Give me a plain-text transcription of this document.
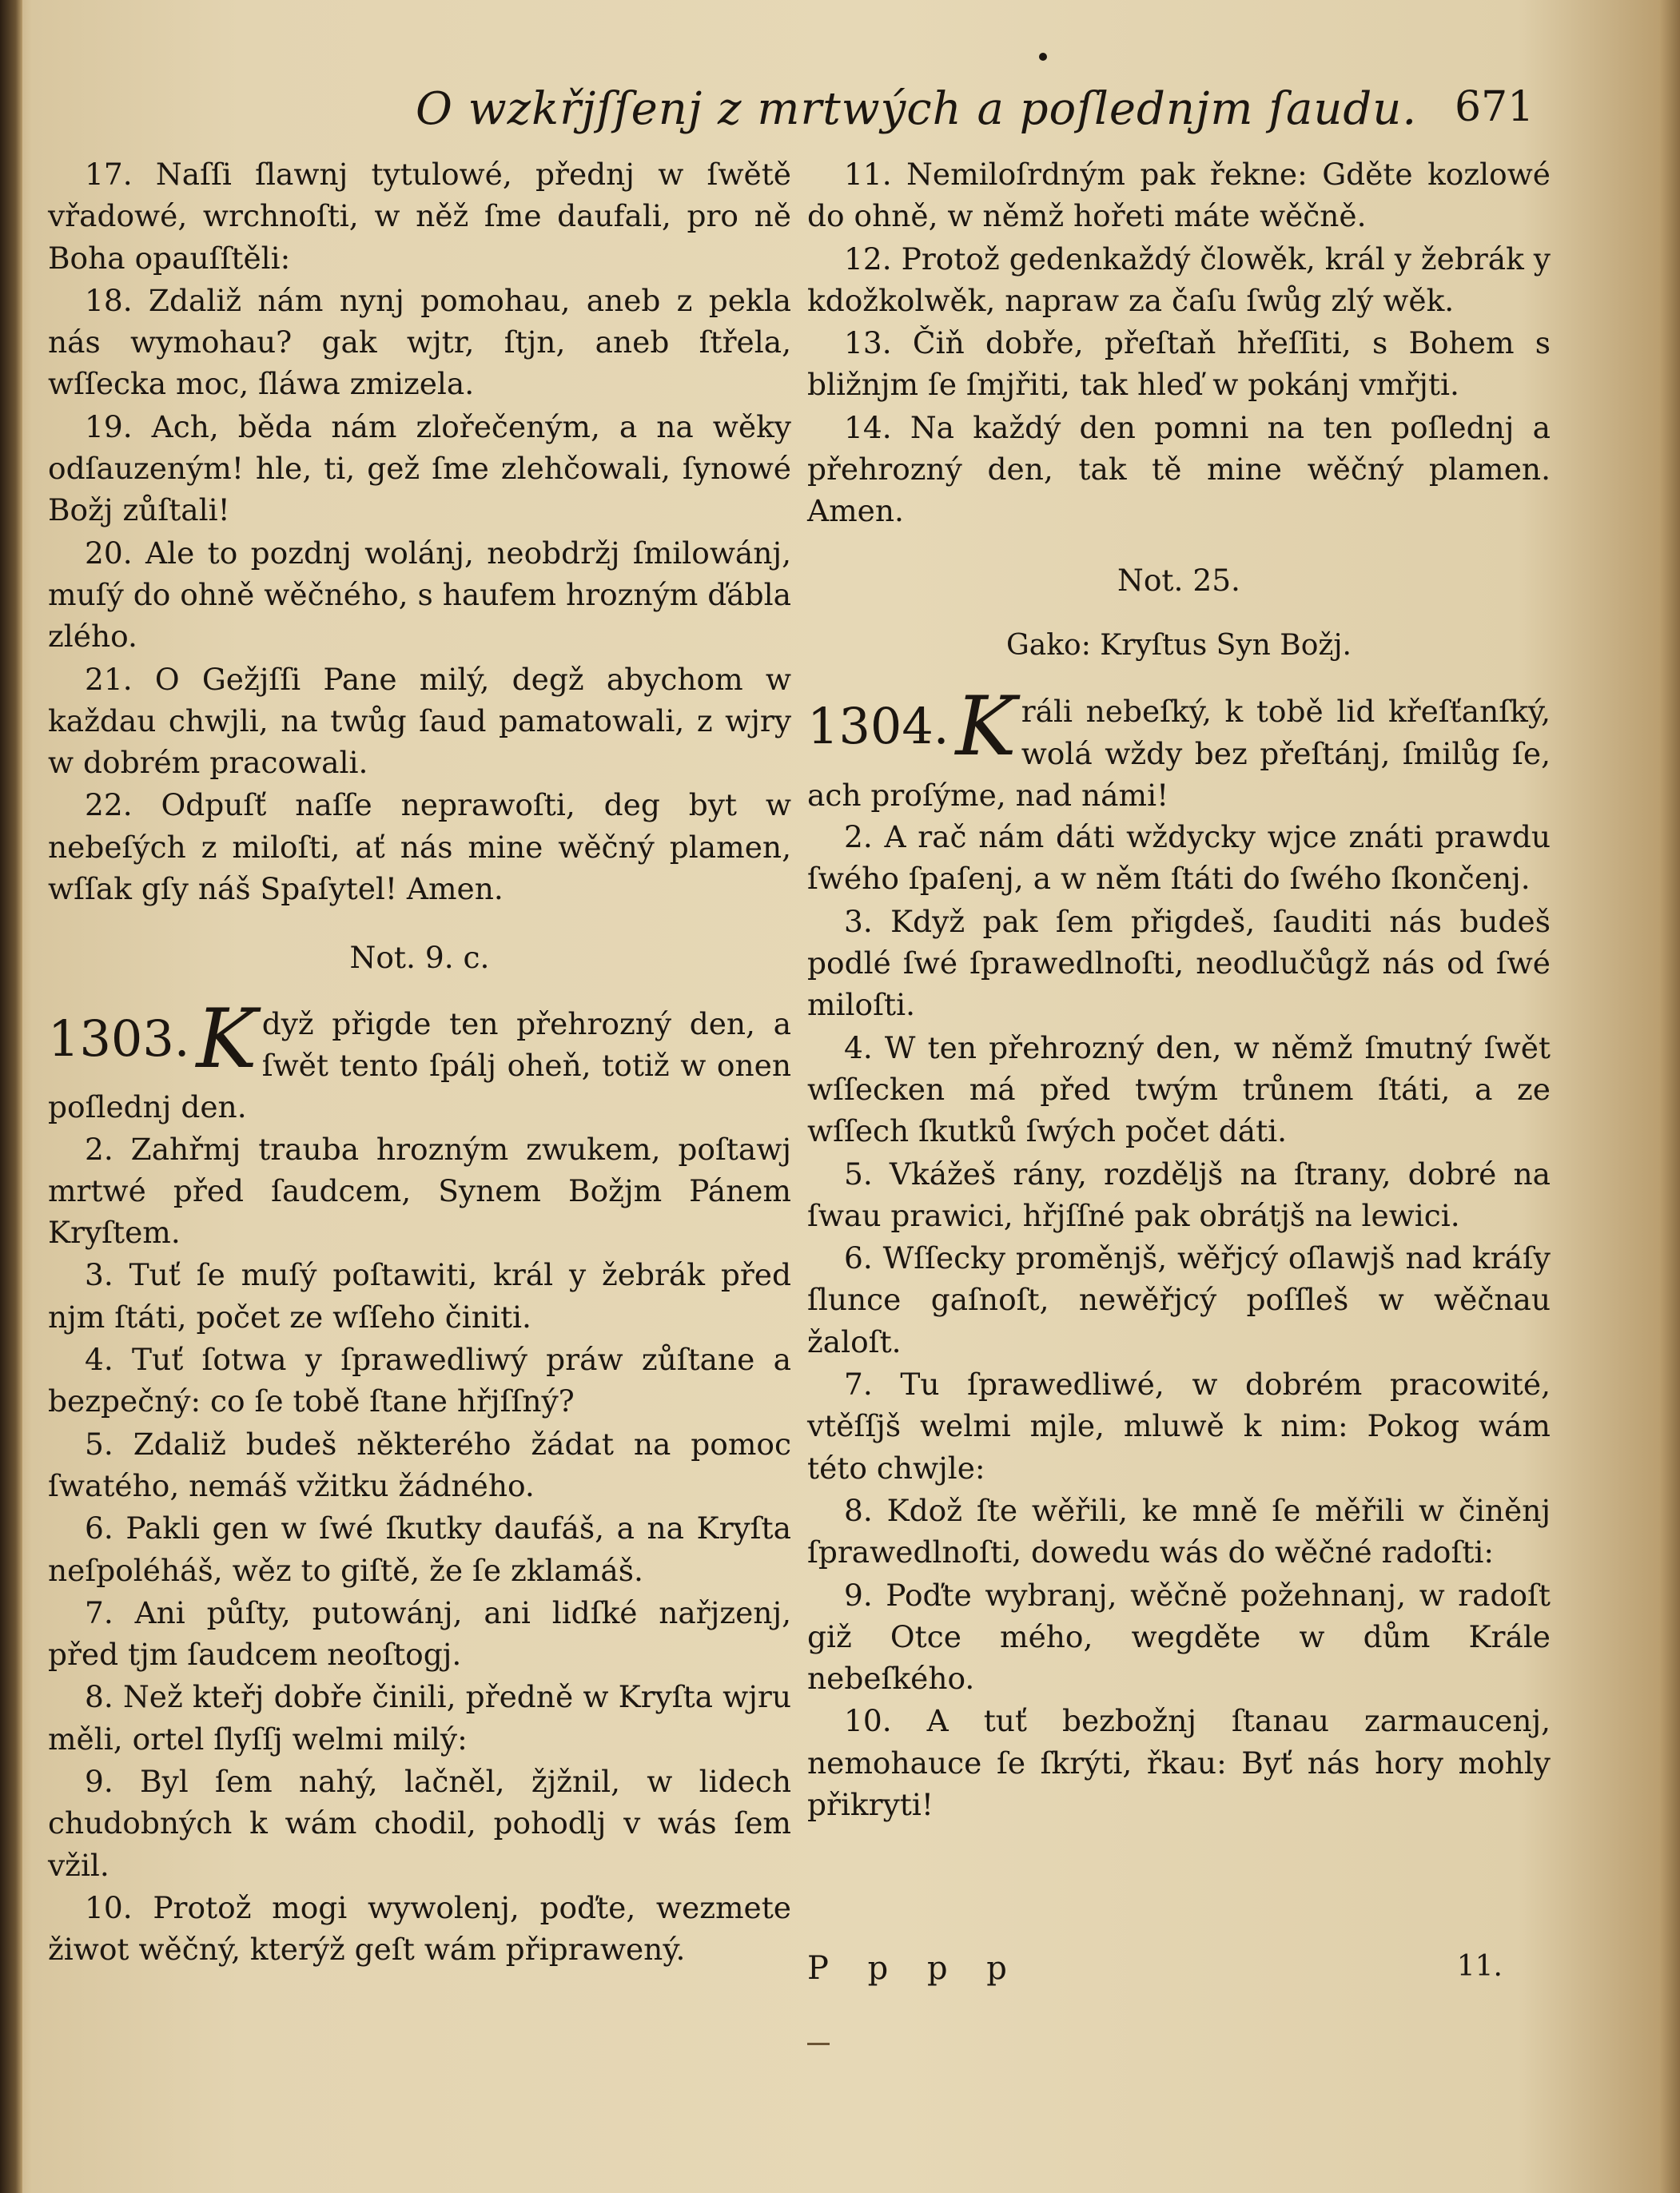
O wzkřjſſenj z mrtwých a poſlednjm ſaudu. 671

17. Naſſi ſlawnj tytulowé, přednj w ſwětě vřadowé, wrchnoſti, w něž ſme daufali, pro ně Boha opauſſtěli:

18. Zdaliž nám nynj pomohau, aneb z pekla nás wymohau? gak wjtr, ſtjn, aneb ſtřela, wſſecka moc, ſláwa zmizela.

19. Ach, běda nám zlořečeným, a na wěky odſauzeným! hle, ti, gež ſme zlehčowali, ſynowé Božj zůſtali!

20. Ale to pozdnj wolánj, neobdržj ſmilowánj, muſý do ohně wěčného, s haufem hrozným ďábla zlého.

21. O Gežjſſi Pane milý, degž abychom w každau chwjli, na twůg ſaud pamatowali, z wjry w dobrém pracowali.

22. Odpuſť naſſe neprawoſti, deg byt w nebeſých z miloſti, ať nás mine wěčný plamen, wſſak gſy náš Spaſytel! Amen.

Not. 9. c.
1303. K dyž přigde ten přehrozný den, a ſwět tento ſpálj oheň, totiž w onen poſlednj den.

2. Zahřmj trauba hrozným zwukem, poſtawj mrtwé před ſaudcem, Synem Božjm Pánem Kryſtem.

3. Tuť ſe muſý poſtawiti, král y žebrák před njm ſtáti, počet ze wſſeho činiti.

4. Tuť ſotwa y ſprawedliwý práw zůſtane a bezpečný: co ſe tobě ſtane hřjſſný?

5. Zdaliž budeš některého žádat na pomoc ſwatého, nemáš vžitku žádného.

6. Pakli gen w ſwé ſkutky daufáš, a na Kryſta neſpoléháš, wěz to giſtě, že ſe zklamáš.

7. Ani půſty, putowánj, ani lidſké nařjzenj, před tjm ſaudcem neoſtogj.

8. Než kteřj dobře činili, předně w Kryſta wjru měli, ortel ſlyſſj welmi milý:

9. Byl ſem nahý, lačněl, žjžnil, w lidech chudobných k wám chodil, pohodlj v wás ſem vžil.

10. Protož mogi wywolenj, poďte, wezmete žiwot wěčný, kterýž geſt wám připrawený.

11. Nemiloſrdným pak řekne: Gděte kozlowé do ohně, w němž hořeti máte wěčně.

12. Protož gedenkaždý člowěk, král y žebrák y kdožkolwěk, napraw za čaſu ſwůg zlý wěk.

13. Čiň dobře, přeſtaň hřeſſiti, s Bohem s bližnjm ſe ſmjřiti, tak hleď w pokánj vmřjti.

14. Na každý den pomni na ten poſlednj a přehrozný den, tak tě mine wěčný plamen. Amen.

Not. 25.
Gako: Kryſtus Syn Božj.
1304. K ráli nebeſký, k tobě lid křeſťanſký, wolá wždy bez přeſtánj, ſmilůg ſe, ach proſýme, nad námi!

2. A rač nám dáti wždycky wjce znáti prawdu ſwého ſpaſenj, a w něm ſtáti do ſwého ſkončenj.

3. Když pak ſem přigdeš, ſauditi nás budeš podlé ſwé ſprawedlnoſti, neodlučůgž nás od ſwé miloſti.

4. W ten přehrozný den, w němž ſmutný ſwět wſſecken má před twým trůnem ſtáti, a ze wſſech ſkutků ſwých počet dáti.

5. Vkážeš rány, rozděljš na ſtrany, dobré na ſwau prawici, hřjſſné pak obrátjš na lewici.

6. Wſſecky proměnjš, wěřjcý oſlawjš nad kráſy ſlunce gaſnoſt, newěřjcý poſſleš w wěčnau žaloſt.

7. Tu ſprawedliwé, w dobrém pracowité, vtěſſjš welmi mjle, mluwě k nim: Pokog wám této chwjle:

8. Kdož ſte wěřili, ke mně ſe měřili w činěnj ſprawedlnoſti, dowedu wás do wěčné radoſti:

9. Poďte wybranj, wěčně požehnanj, w radoſt giž Otce mého, wegděte w dům Krále nebeſkého.

10. A tuť bezbožnj ſtanau zarmaucenj, nemohauce ſe ſkrýti, řkau: Byť nás hory mohly přikryti!

P p p p	11.
